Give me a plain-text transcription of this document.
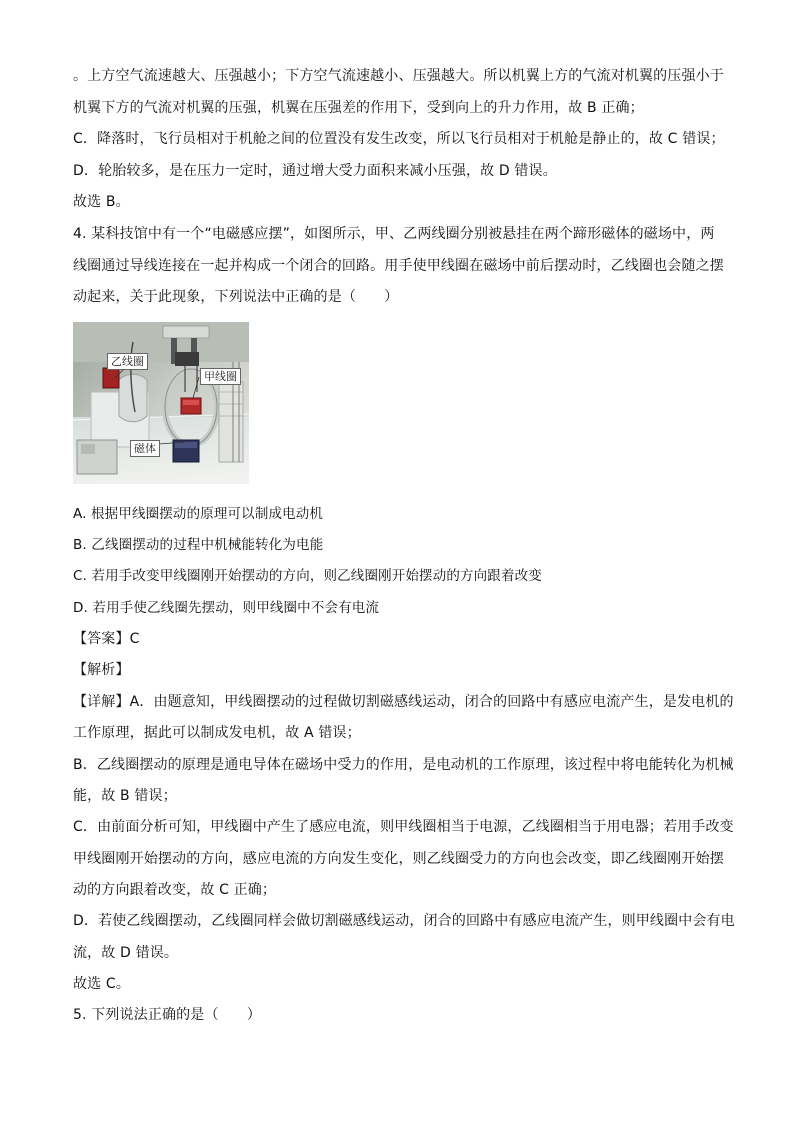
。上方空气流速越大、压强越小；下方空气流速越小、压强越大。所以机翼上方的气流对机翼的压强小于
机翼下方的气流对机翼的压强，机翼在压强差的作用下，受到向上的升力作用，故 B 正确；
C．降落时，飞行员相对于机舱之间的位置没有发生改变，所以飞行员相对于机舱是静止的，故 C 错误；
D．轮胎较多，是在压力一定时，通过增大受力面积来减小压强，故 D 错误。
故选 B。
4. 某科技馆中有一个“电磁感应摆”，如图所示，甲、乙两线圈分别被悬挂在两个蹄形磁体的磁场中，两
线圈通过导线连接在一起并构成一个闭合的回路。用手使甲线圈在磁场中前后摆动时，乙线圈也会随之摆
动起来，关于此现象，下列说法中正确的是（　　）
乙线圈
甲线圈
磁体
A. 根据甲线圈摆动的原理可以制成电动机
B. 乙线圈摆动的过程中机械能转化为电能
C. 若用手改变甲线圈刚开始摆动的方向，则乙线圈刚开始摆动的方向跟着改变
D. 若用手使乙线圈先摆动，则甲线圈中不会有电流
【答案】C
【解析】
【详解】A．由题意知，甲线圈摆动的过程做切割磁感线运动，闭合的回路中有感应电流产生，是发电机的
工作原理，据此可以制成发电机，故 A 错误；
B．乙线圈摆动的原理是通电导体在磁场中受力的作用，是电动机的工作原理，该过程中将电能转化为机械
能，故 B 错误；
C．由前面分析可知，甲线圈中产生了感应电流，则甲线圈相当于电源，乙线圈相当于用电器；若用手改变
甲线圈刚开始摆动的方向，感应电流的方向发生变化，则乙线圈受力的方向也会改变，即乙线圈刚开始摆
动的方向跟着改变，故 C 正确；
D．若使乙线圈摆动，乙线圈同样会做切割磁感线运动，闭合的回路中有感应电流产生，则甲线圈中会有电
流，故 D 错误。
故选 C。
5. 下列说法正确的是（　　）
